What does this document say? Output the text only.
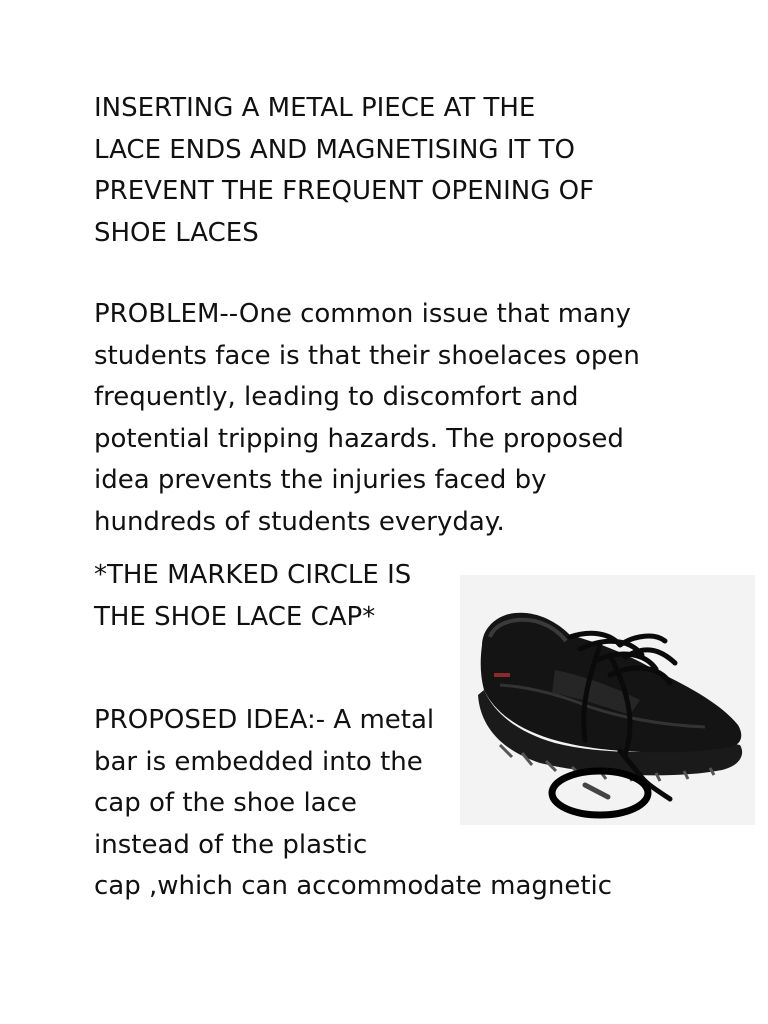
INSERTING A METAL PIECE AT THE
LACE ENDS AND MAGNETISING IT TO
PREVENT THE FREQUENT OPENING OF
SHOE LACES

PROBLEM--One common issue that many
students face is that their shoelaces open
frequently, leading to discomfort and
potential tripping hazards. The proposed
idea prevents the injuries faced by
hundreds of students everyday.

*THE MARKED CIRCLE IS
THE SHOE LACE CAP*

PROPOSED IDEA:- A metal
bar is embedded into the
cap of the shoe lace
instead of the plastic

cap ,which can accommodate magnetic
